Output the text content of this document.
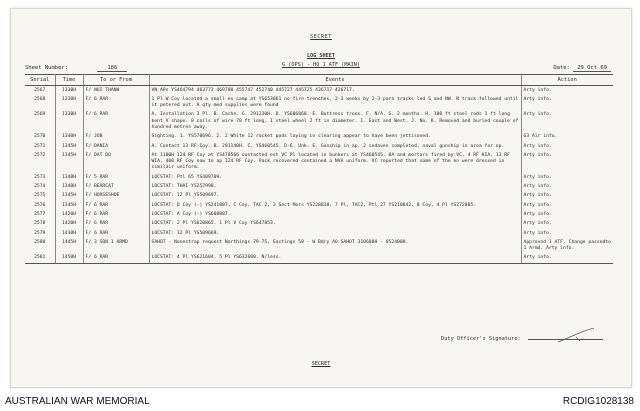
SECRET
LOG SHEET
G (OPS) - HQ 1 ATF (MAIN)
Sheet Number:	186	Date: 29 Oct 69
Serial	Time	To or From	Events	Action
2567	1330H	F/ NUI THANH	VN APs YS464794 463773 469780 455747 452740 445727 445725 436717 426717.	Arty info.
2568	1330H	F/ 6 RAR	1 Pl W Coy located a small en camp at YS653861 no fire trenches, 2-3 weeks by 2-3 para tracks led S and NW. N track followed until it petered out. A qty med supplies were found	Arty info.
2569	1330H	F/ 6 RAR	A. Installation 3 Pl. B. Cache. C. 291230H. D. YS606868. E. Buttress trees. F. N/A. G. 2 months. H. 100 ft steel rods 1 ft long bent V shape. 8 coils of wire 70 ft long, 1 steel wheel 2 ft in diameter. I. East and West. J. No. K. Removed and buried couple of hundred metres away.	Arty info.
2570	1340H	F/ JOB	Sighting. 1. YS570696. 2. 2 White 12 rocket pods laying in clearing appear to have been jettisoned.	G3 Air info.
2571	1345H	F/ DANIA	A. Contact 13 RF Coy. B. 291140H. C. YS460545. D-6. Unk. E. Gunship in ap. 2 sedaves completed, naval gunship in area for op.	Arty info.
2572	1345H	F/ DAT DO	At 1100H 124 RF Coy at YS470566 contacted est VC Pl located in bunkers at YS460545. 8A and mortars fired by VC, 4 RF KIA, 13 RF WIA, 400 RF Coy now to ap 124 RF Coy. Pack recovered contained a NVA uniform. VC reported that some of the en were dressed in similair uniform.	Arty info.
2573	1340H	F/ 5 RAR	LOCSTAT: Ptl 65 YS409709.	Arty info.
2574	1340H	F/ BEARCAT	LOCSTAT: THAI YS257998.	Arty info.
2575	1345H	F/ HORSESHOE	LOCSTAT: 12 Pl YS509697.	Arty info.
2576	1345H	F/ 6 RAR	LOCSTAT: D Coy (-) YS241887, C Coy, TAC 2, 3 Sect Mors YS228838, 7 Pl, TAC2, Ptl 27 YS210842, 8 Coy, 4 Pl YS272805.	Arty info.
2577	1420H	F/ 6 RAR	LOCSTAT: A Coy (-) YS608887.	Arty info.
2578	1420H	F/ 6 RAR	LOCSTAT: 2 Pl YS620865. 1 Pl V Coy YS647853.	Arty info.
2579	1430H	F/ 6 RAR	LOCSTAT: 12 Pl YS509669.	Arty info.
2580	1445H	F/ 3 SQN 1 ARMD	SAHOT - Nonestrap request Northings 79-75, Eastings 58 - W Bdry AO SAHOT 310600H - 052400H.	Approved 1 ATF. Change passedto 1 Armd. Arty info.
2581	1450H	F/ 6 RAR	LOCSTAT: 4 Pl YS621604. 5 Pl YS632600. N/less.	Arty info.
Duty Officer's Signature:
SECRET
AUSTRALIAN WAR MEMORIAL	RCDIG1028138
